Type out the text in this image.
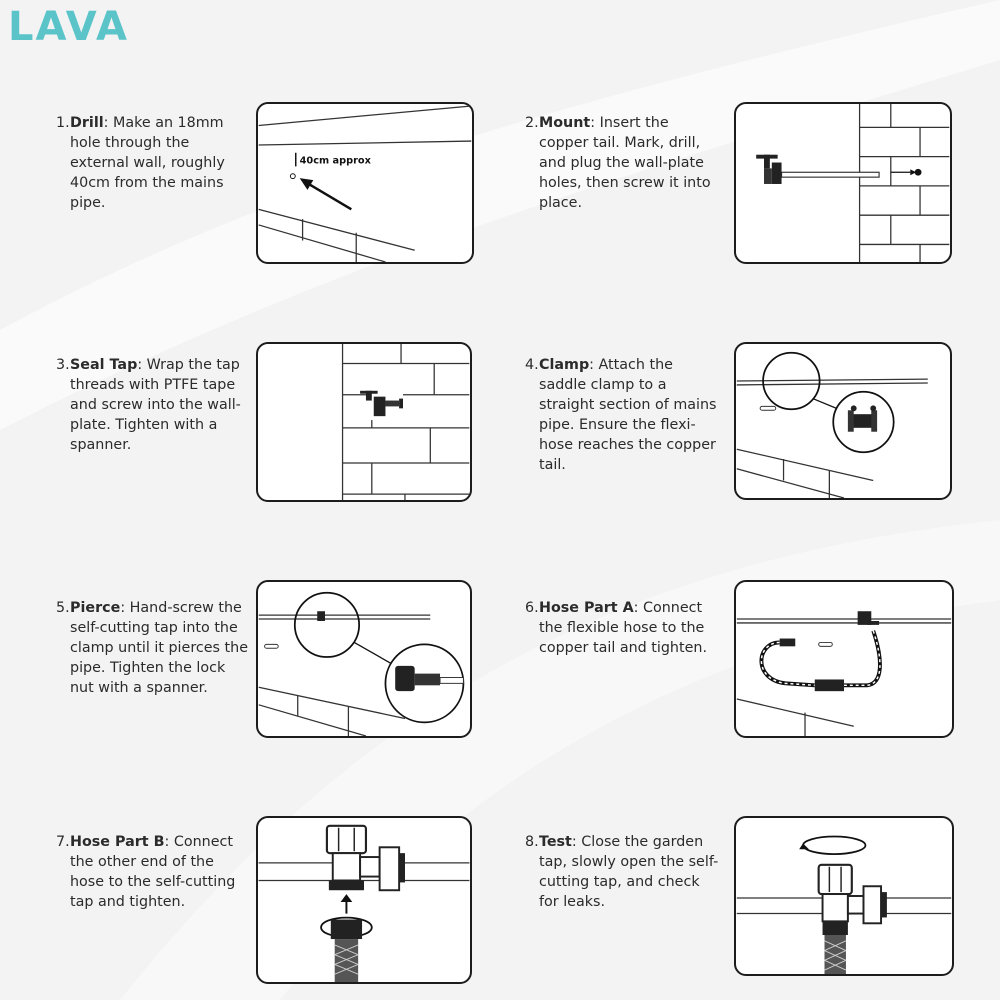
LAVA
1. Drill: Make an 18mm hole through the external wall, roughly 40cm from the mains pipe.
40cm approx
2. Mount: Insert the copper tail. Mark, drill, and plug the wall-plate holes, then screw it into place.
3. Seal Tap: Wrap the tap threads with PTFE tape and screw into the wall-plate. Tighten with a spanner.
4. Clamp: Attach the saddle clamp to a straight section of mains pipe. Ensure the flexi-hose reaches the copper tail.
5. Pierce: Hand-screw the self-cutting tap into the clamp until it pierces the pipe. Tighten the lock nut with a spanner.
6. Hose Part A: Connect the flexible hose to the copper tail and tighten.
7. Hose Part B: Connect the other end of the hose to the self-cutting tap and tighten.
8. Test: Close the garden tap, slowly open the self-cutting tap, and check for leaks.
